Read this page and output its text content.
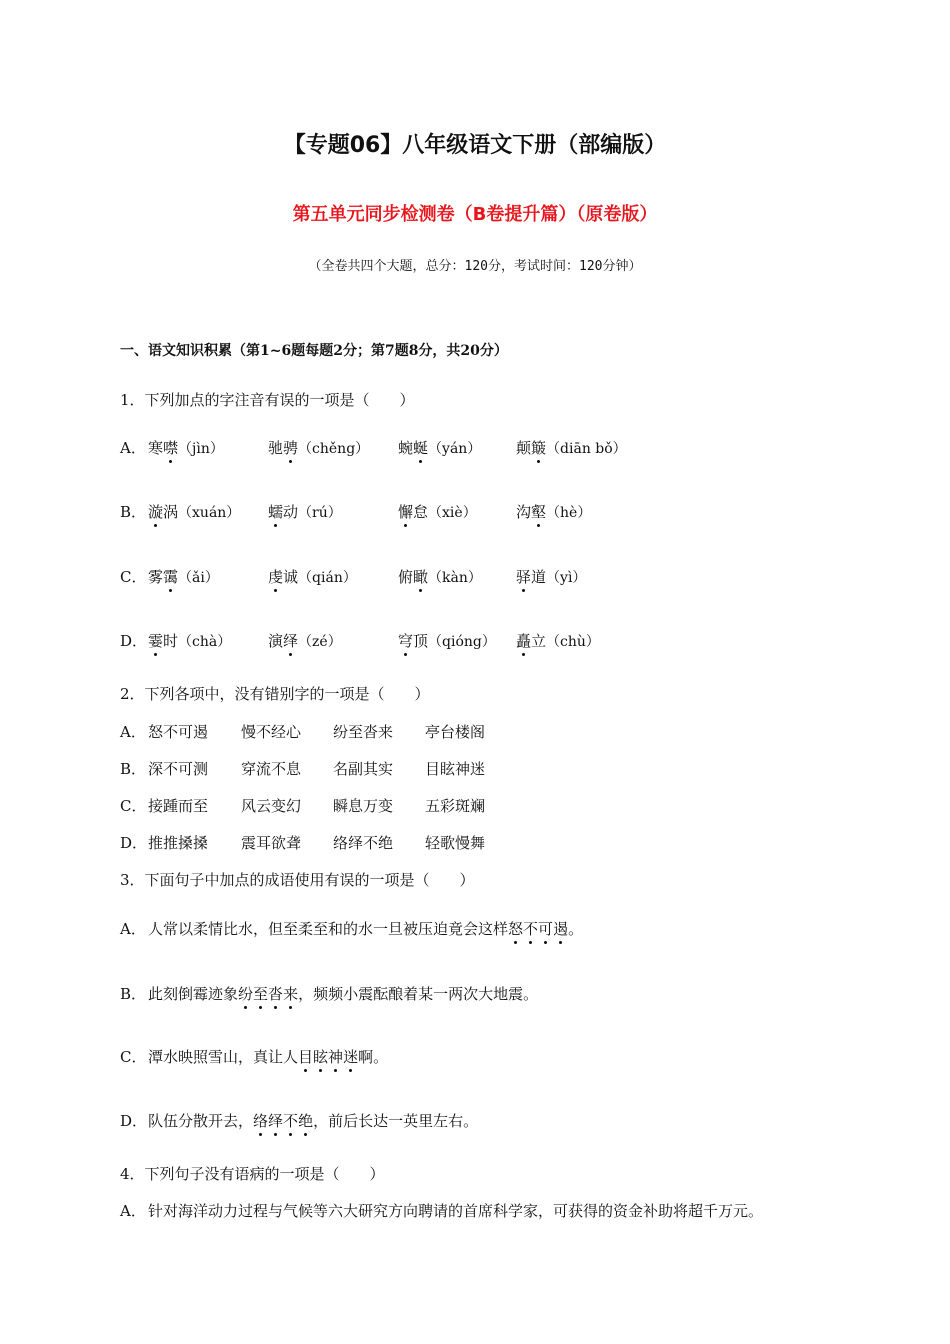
【专题06】八年级语文下册（部编版）
第五单元同步检测卷（B卷提升篇）（原卷版）
（全卷共四个大题，总分：120分，考试时间：120分钟）
一、语文知识积累（第1~6题每题2分；第7题8分，共20分）
1．下列加点的字注音有误的一项是（　　）
A． 寒噤（jìn）	驰骋（chěng） 蜿蜒（yán） 颠簸（diān bǒ）
B． 漩涡（xuán） 蠕动（rú）	懈怠（xiè）	沟壑（hè）
C． 雾霭（ǎi）	虔诚（qián）	俯瞰（kàn） 驿道（yì）
D． 霎时（chà） 演绎（zé）	穹顶（qióng） 矗立（chù）
2．下列各项中，没有错别字的一项是（　　）
A． 怒不可遏 慢不经心 纷至沓来 亭台楼阁
B． 深不可测 穿流不息 名副其实 目眩神迷
C． 接踵而至 风云变幻 瞬息万变 五彩斑斓
D． 推推搡搡 震耳欲聋 络绎不绝 轻歌慢舞
3．下面句子中加点的成语使用有误的一项是（　　）
A． 人常以柔情比水，但至柔至和的水一旦被压迫竟会这样怒不可遏。
B． 此刻倒霉迹象纷至沓来，频频小震酝酿着某一两次大地震。
C． 潭水映照雪山，真让人目眩神迷啊。
D．队伍分散开去，络绎不绝，前后长达一英里左右。
4．下列句子没有语病的一项是（　　）
A． 针对海洋动力过程与气候等六大研究方向聘请的首席科学家，可获得的资金补助将超千万元。
